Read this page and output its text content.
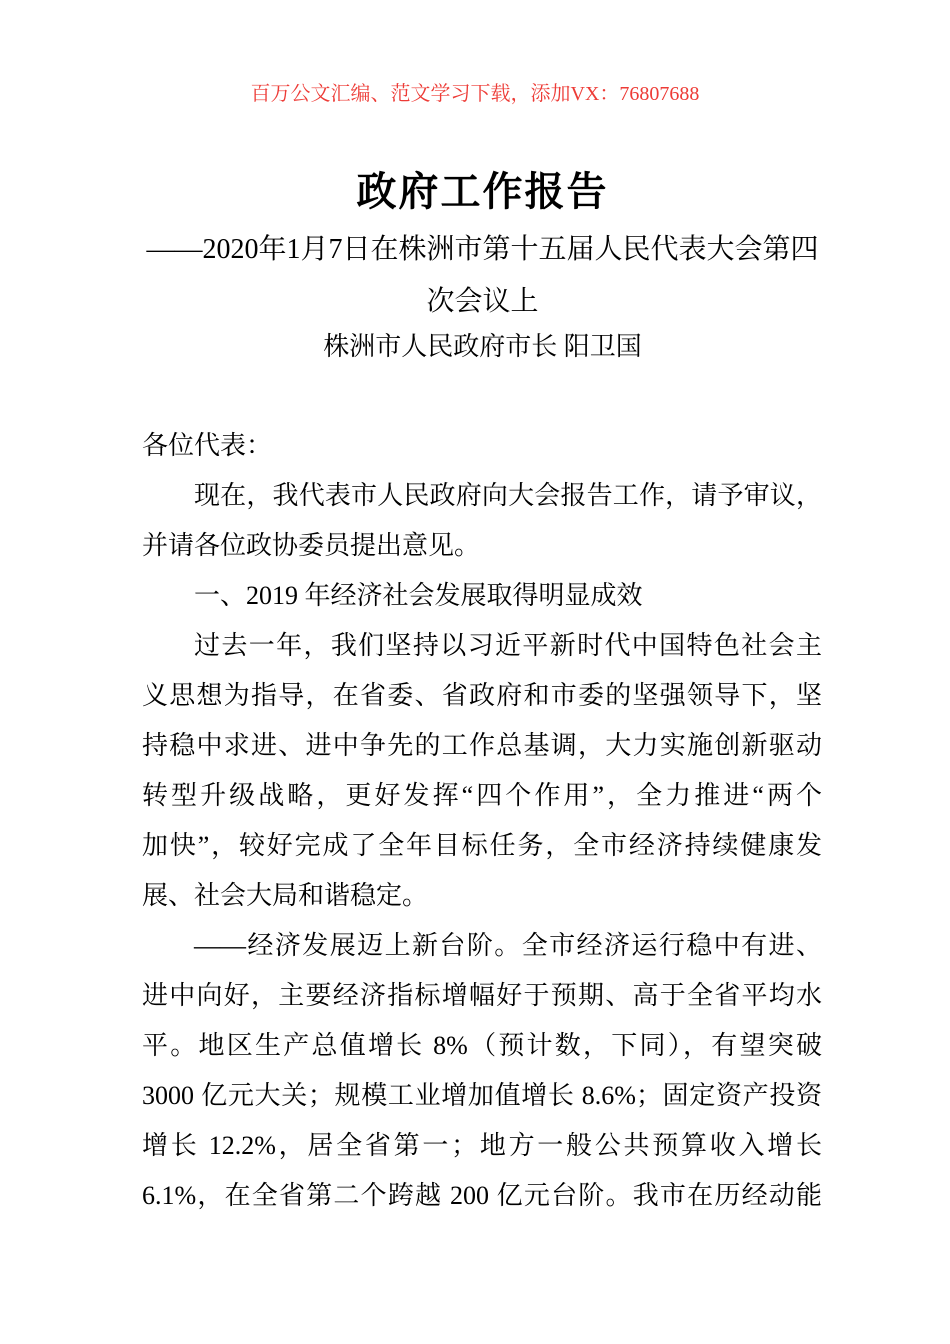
百万公文汇编、范文学习下载，添加VX：76807688
政府工作报告
——2020年1月7日在株洲市第十五届人民代表大会第四
次会议上
株洲市人民政府市长 阳卫国
各位代表：
现在，我代表市人民政府向大会报告工作，请予审议，
并请各位政协委员提出意见。
一、2019 年经济社会发展取得明显成效
过去一年，我们坚持以习近平新时代中国特色社会主
义思想为指导，在省委、省政府和市委的坚强领导下，坚
持稳中求进、进中争先的工作总基调，大力实施创新驱动
转型升级战略，更好发挥“四个作用”，全力推进“两个
加快”，较好完成了全年目标任务，全市经济持续健康发
展、社会大局和谐稳定。
——经济发展迈上新台阶。全市经济运行稳中有进、
进中向好，主要经济指标增幅好于预期、高于全省平均水
平。地区生产总值增长 8%（预计数，下同），有望突破
3000 亿元大关；规模工业增加值增长 8.6%；固定资产投资
增长 12.2%，居全省第一；地方一般公共预算收入增长
6.1%，在全省第二个跨越 200 亿元台阶。我市在历经动能
